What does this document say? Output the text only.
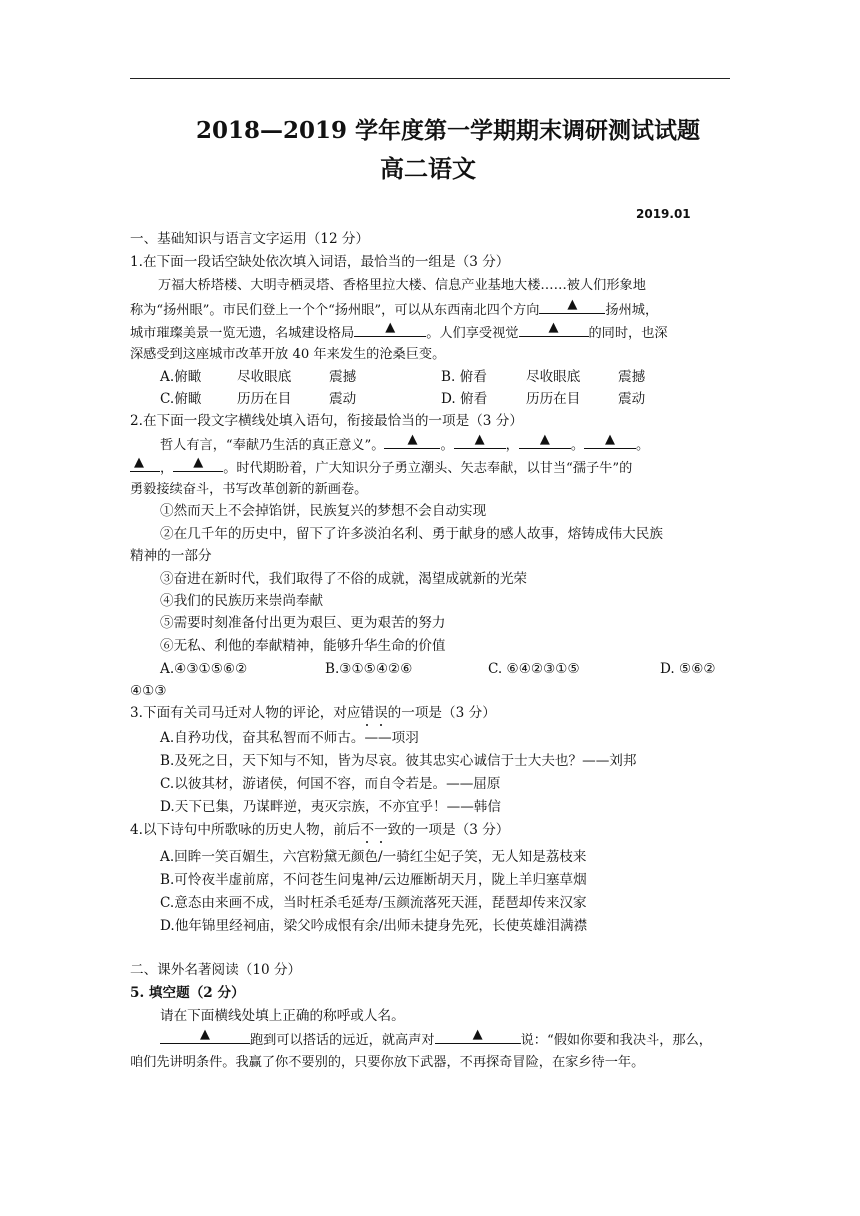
2018—2019 学年度第一学期期末调研测试试题
高二语文
2019.01
一、基础知识与语言文字运用（12 分）
1.在下面一段话空缺处依次填入词语，最恰当的一组是（3 分）
万福大桥塔楼、大明寺栖灵塔、香格里拉大楼、信息产业基地大楼……被人们形象地
称为“扬州眼”。市民们登上一个个“扬州眼”，可以从东西南北四个方向 ▲ 扬州城，
城市璀璨美景一览无遗，名城建设格局 ▲ 。人们享受视觉 ▲ 的同时，也深
深感受到这座城市改革开放 40 年来发生的沧桑巨变。
A.俯瞰	尽收眼底	震撼	B. 俯看	尽收眼底	震撼
C.俯瞰	历历在目	震动	D. 俯看	历历在目	震动
2.在下面一段文字横线处填入语句，衔接最恰当的一项是（3 分）
哲人有言，“奉献乃生活的真正意义”。 ▲ 。 ▲ ， ▲ 。 ▲ 。
▲ ， ▲ 。时代期盼着，广大知识分子勇立潮头、矢志奉献，以甘当“孺子牛”的
勇毅接续奋斗，书写改革创新的新画卷。
①然而天上不会掉馅饼，民族复兴的梦想不会自动实现
②在几千年的历史中，留下了许多淡泊名利、勇于献身的感人故事，熔铸成伟大民族
精神的一部分
③奋进在新时代，我们取得了不俗的成就，渴望成就新的光荣
④我们的民族历来崇尚奉献
⑤需要时刻准备付出更为艰巨、更为艰苦的努力
⑥无私、利他的奉献精神，能够升华生命的价值
A.④③①⑤⑥②	B.③①⑤④②⑥	C. ⑥④②③①⑤	D. ⑤⑥②
④①③
3.下面有关司马迁对人物的评论，对应错误的一项是（3 分）
A.自矜功伐，奋其私智而不师古。——项羽
B.及死之日，天下知与不知，皆为尽哀。彼其忠实心诚信于士大夫也？——刘邦
C.以彼其材，游诸侯，何国不容，而自令若是。——屈原
D.天下已集，乃谋畔逆，夷灭宗族，不亦宜乎！——韩信
4.以下诗句中所歌咏的历史人物，前后不一致的一项是（3 分）
A.回眸一笑百媚生，六宫粉黛无颜色/一骑红尘妃子笑，无人知是荔枝来
B.可怜夜半虚前席，不问苍生问鬼神/云边雁断胡天月，陇上羊归塞草烟
C.意态由来画不成，当时枉杀毛延寿/玉颜流落死天涯，琵琶却传来汉家
D.他年锦里经祠庙，梁父吟成恨有余/出师未捷身先死，长使英雄泪满襟
二、课外名著阅读（10 分）
5. 填空题（2 分）
请在下面横线处填上正确的称呼或人名。
▲	跑到可以搭话的远近，就高声对	▲	说：“假如你要和我决斗，那么，
咱们先讲明条件。我赢了你不要别的，只要你放下武器，不再探奇冒险，在家乡待一年。
